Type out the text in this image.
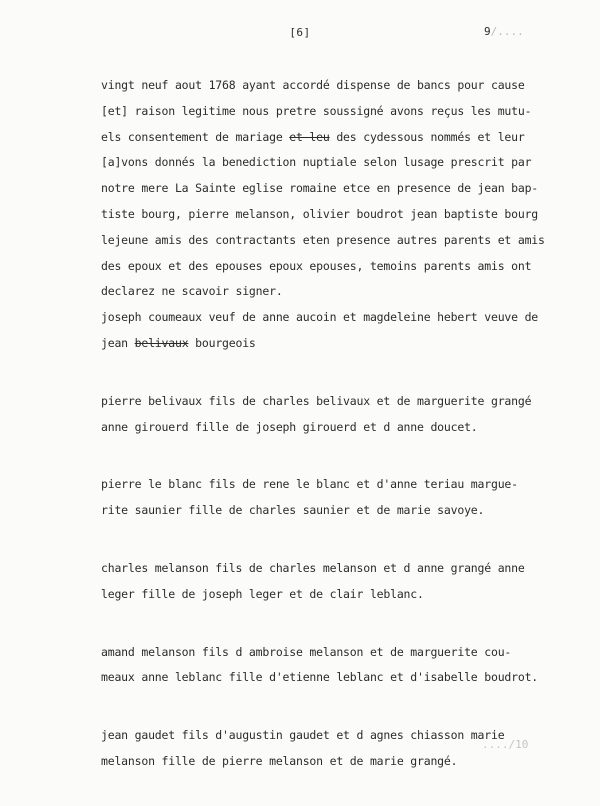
[6]	9/....
vingt neuf aout 1768 ayant accordé dispense de bancs pour cause
[et] raison legitime nous pretre soussigné avons reçus les mutu-
els consentement de mariage et leu des cydessous nommés et leur
[a]vons donnés la benediction nuptiale selon lusage prescrit par
notre mere La Sainte eglise romaine etce en presence de jean bap-
tiste bourg, pierre melanson, olivier boudrot jean baptiste bourg
lejeune amis des contractants eten presence autres parents et amis
des epoux et des epouses epoux epouses, temoins parents amis ont
declarez ne scavoir signer.
joseph coumeaux veuf de anne aucoin et magdeleine hebert veuve de
jean belivaux bourgeois
pierre belivaux fils de charles belivaux et de marguerite grangé
anne girouerd fille de joseph girouerd et d anne doucet.
pierre le blanc fils de rene le blanc et d'anne teriau margue-
rite saunier fille de charles saunier et de marie savoye.
charles melanson fils de charles melanson et d anne grangé anne
leger fille de joseph leger et de clair leblanc.
amand melanson fils d ambroise melanson et de marguerite cou-
meaux anne leblanc fille d'etienne leblanc et d'isabelle boudrot.
jean gaudet fils d'augustin gaudet et d agnes chiasson marie
melanson fille de pierre melanson et de marie grangé.
..../10
